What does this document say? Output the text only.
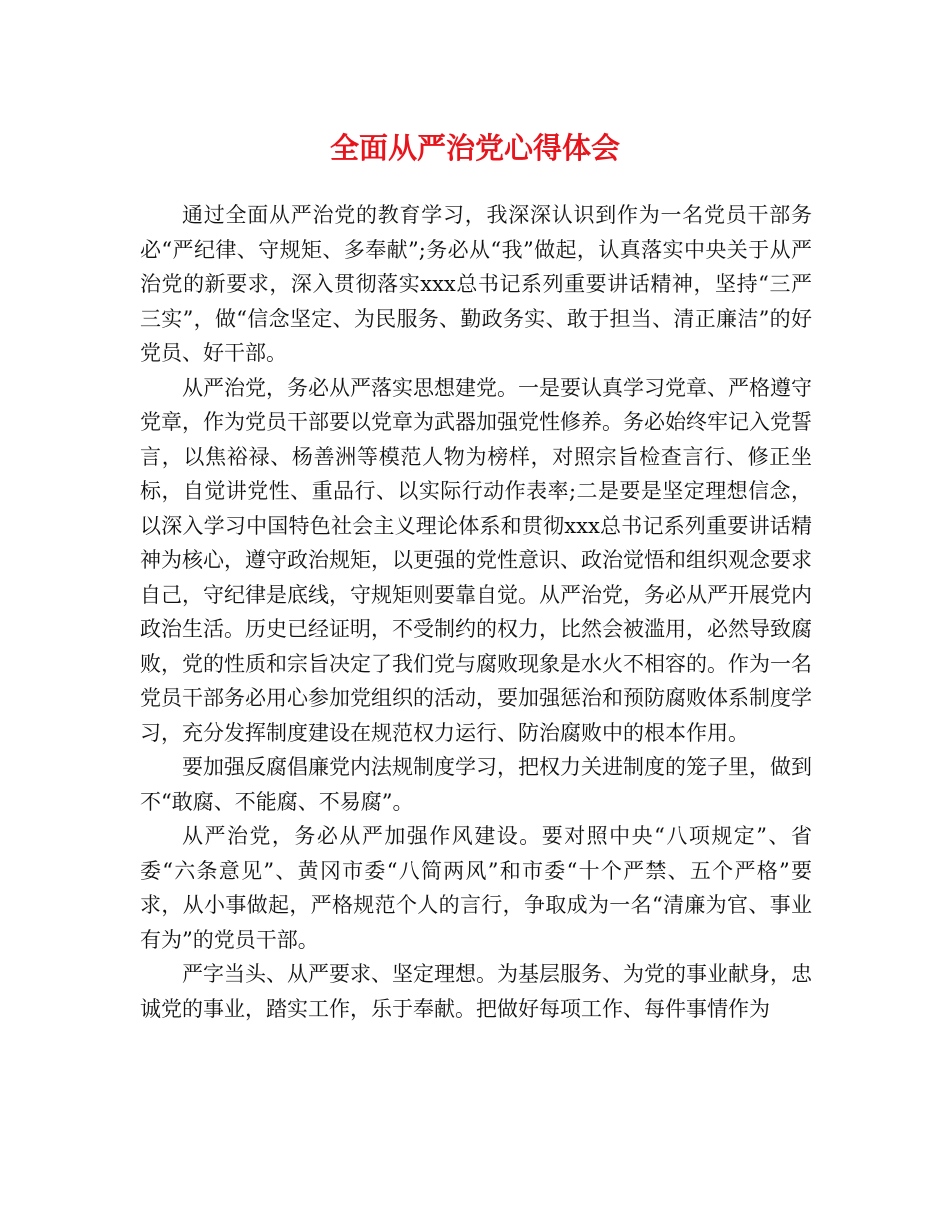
全面从严治党心得体会

通过全面从严治党的教育学习，我深深认识到作为一名党员干部务必“严纪律、守规矩、多奉献”;务必从“我”做起，认真落实中央关于从严治党的新要求，深入贯彻落实xxx总书记系列重要讲话精神，坚持“三严三实”，做“信念坚定、为民服务、勤政务实、敢于担当、清正廉洁”的好党员、好干部。

从严治党，务必从严落实思想建党。一是要认真学习党章、严格遵守党章，作为党员干部要以党章为武器加强党性修养。务必始终牢记入党誓言，以焦裕禄、杨善洲等模范人物为榜样，对照宗旨检查言行、修正坐标，自觉讲党性、重品行、以实际行动作表率;二是要是坚定理想信念，以深入学习中国特色社会主义理论体系和贯彻xxx总书记系列重要讲话精神为核心，遵守政治规矩，以更强的党性意识、政治觉悟和组织观念要求自己，守纪律是底线，守规矩则要靠自觉。从严治党，务必从严开展党内政治生活。历史已经证明，不受制约的权力，比然会被滥用，必然导致腐败，党的性质和宗旨决定了我们党与腐败现象是水火不相容的。作为一名党员干部务必用心参加党组织的活动，要加强惩治和预防腐败体系制度学习，充分发挥制度建设在规范权力运行、防治腐败中的根本作用。

要加强反腐倡廉党内法规制度学习，把权力关进制度的笼子里，做到不“敢腐、不能腐、不易腐”。

从严治党，务必从严加强作风建设。要对照中央“八项规定”、省委“六条意见”、黄冈市委“八简两风”和市委“十个严禁、五个严格”要求，从小事做起，严格规范个人的言行，争取成为一名“清廉为官、事业有为”的党员干部。

严字当头、从严要求、坚定理想。为基层服务、为党的事业献身，忠诚党的事业，踏实工作，乐于奉献。把做好每项工作、每件事情作为
